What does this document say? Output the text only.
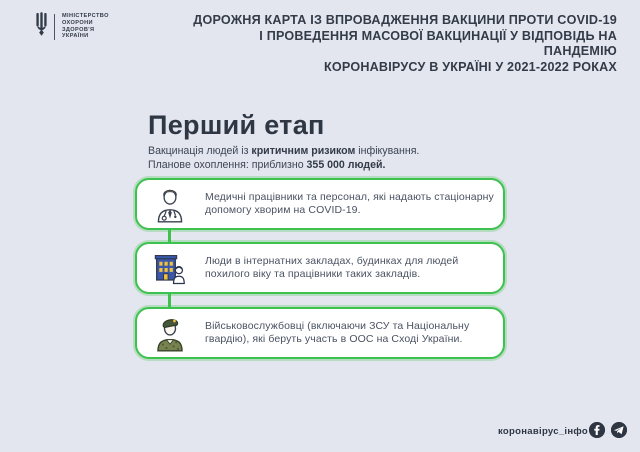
МІНІСТЕРСТВО
ОХОРОНИ
ЗДОРОВ'Я
УКРАЇНИ
ДОРОЖНЯ КАРТА ІЗ ВПРОВАДЖЕННЯ ВАКЦИНИ ПРОТИ COVID-19
І ПРОВЕДЕННЯ МАСОВОЇ ВАКЦИНАЦІЇ У ВІДПОВІДЬ НА ПАНДЕМІЮ
КОРОНАВІРУСУ В УКРАЇНІ У 2021-2022 РОКАХ
Перший етап
Вакцинація людей із критичним ризиком інфікування.
Планове охоплення: приблизно 355 000 людей.
Медичні працівники та персонал, які надають стаціонарну допомогу хворим на COVID-19.
Люди в інтернатних закладах, будинках для людей похилого віку та працівники таких закладів.
Військовослужбовці (включаючи ЗСУ та Національну гвардію), які беруть участь в ООС на Сході України.
коронавірус_інфо
